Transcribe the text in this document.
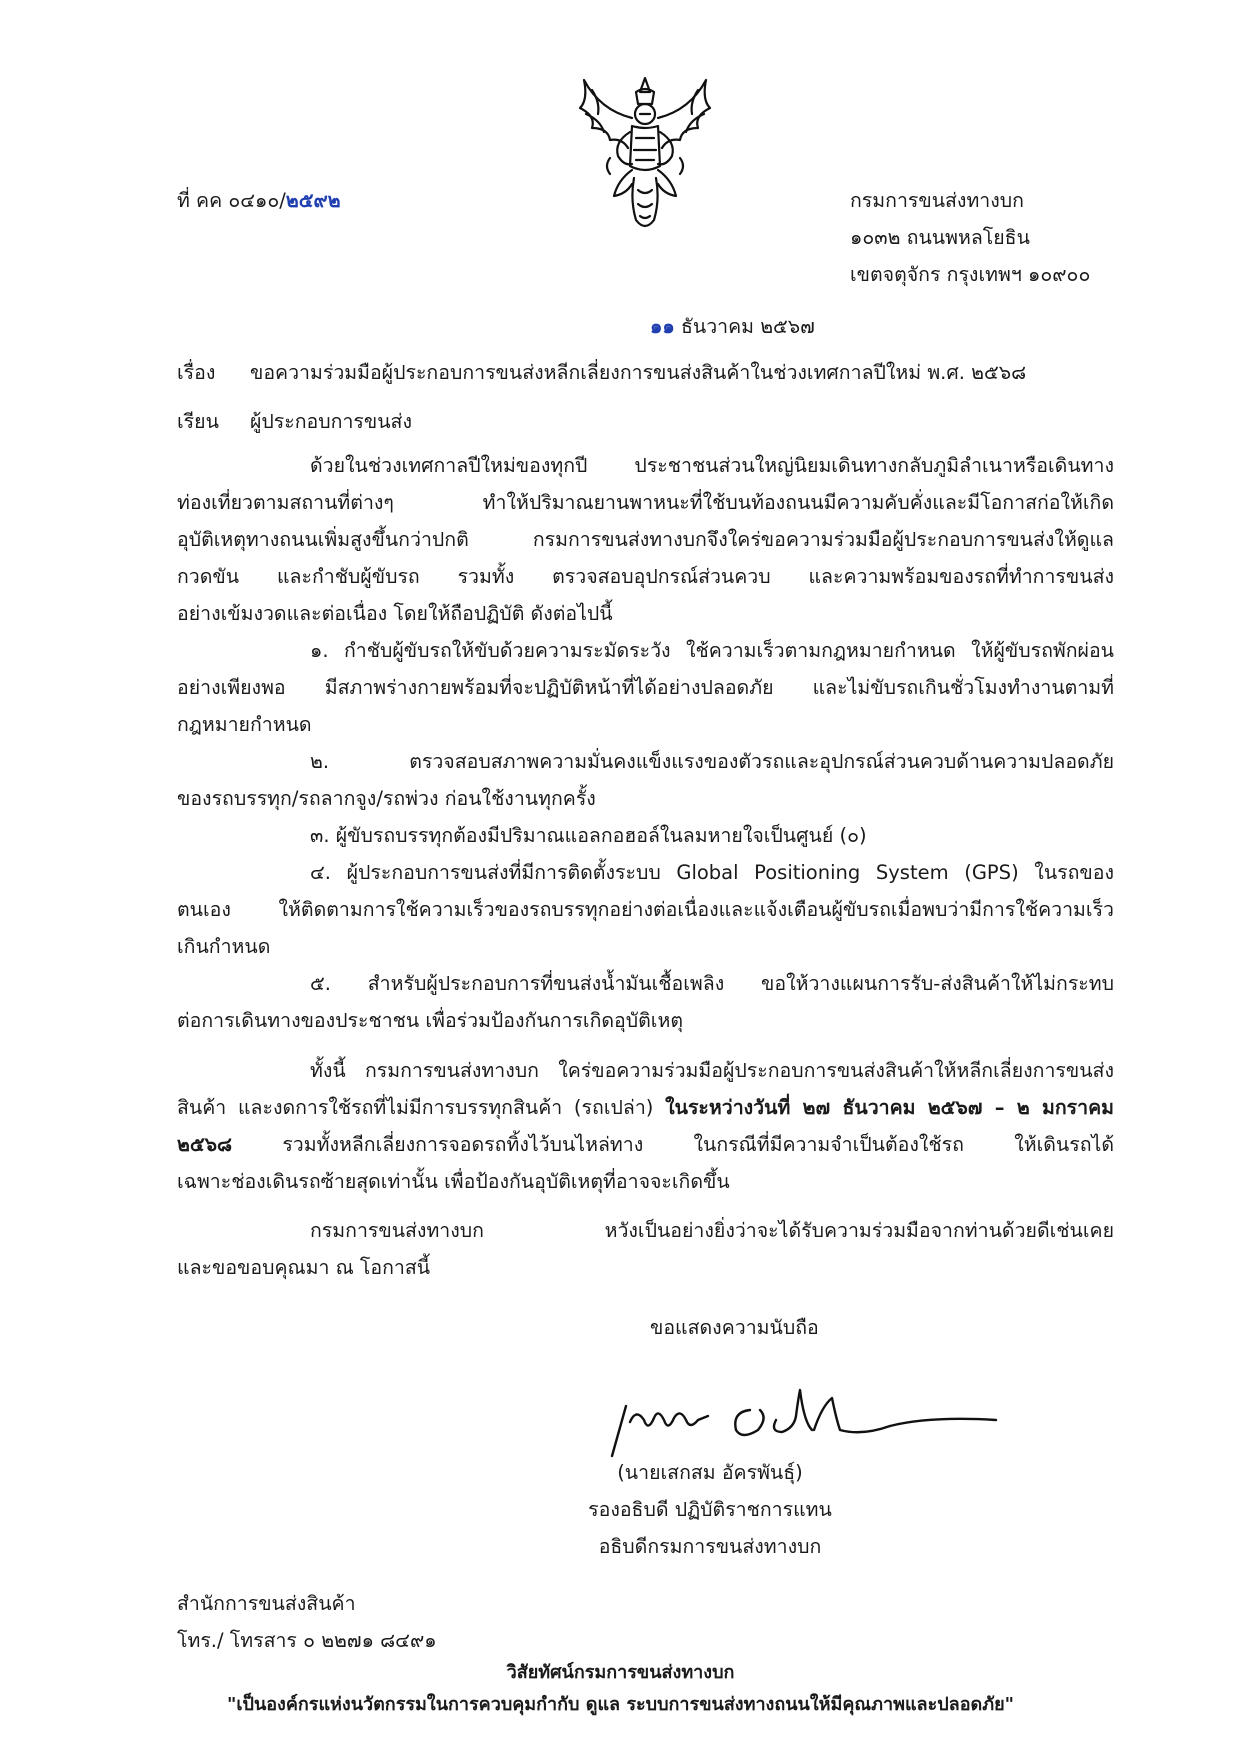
ที่ คค ๐๔๑๐/๒๕๙๒	กรมการขนส่งทางบก
๑๐๓๒ ถนนพหลโยธิน
เขตจตุจักร กรุงเทพฯ ๑๐๙๐๐
๑๑ ธันวาคม ๒๕๖๗
เรื่อง ขอความร่วมมือผู้ประกอบการขนส่งหลีกเลี่ยงการขนส่งสินค้าในช่วงเทศกาลปีใหม่ พ.ศ. ๒๕๖๘
เรียน ผู้ประกอบการขนส่ง
ด้วยในช่วงเทศกาลปีใหม่ของทุกปี ประชาชนส่วนใหญ่นิยมเดินทางกลับภูมิลำเนาหรือเดินทาง
ท่องเที่ยวตามสถานที่ต่างๆ ทำให้ปริมาณยานพาหนะที่ใช้บนท้องถนนมีความคับคั่งและมีโอกาสก่อให้เกิด
อุบัติเหตุทางถนนเพิ่มสูงขึ้นกว่าปกติ กรมการขนส่งทางบกจึงใคร่ขอความร่วมมือผู้ประกอบการขนส่งให้ดูแล
กวดขัน และกำชับผู้ขับรถ รวมทั้ง ตรวจสอบอุปกรณ์ส่วนควบ และความพร้อมของรถที่ทำการขนส่ง
อย่างเข้มงวดและต่อเนื่อง โดยให้ถือปฏิบัติ ดังต่อไปนี้
๑. กำชับผู้ขับรถให้ขับด้วยความระมัดระวัง ใช้ความเร็วตามกฎหมายกำหนด ให้ผู้ขับรถพักผ่อน
อย่างเพียงพอ มีสภาพร่างกายพร้อมที่จะปฏิบัติหน้าที่ได้อย่างปลอดภัย และไม่ขับรถเกินชั่วโมงทำงานตามที่
กฎหมายกำหนด
๒. ตรวจสอบสภาพความมั่นคงแข็งแรงของตัวรถและอุปกรณ์ส่วนควบด้านความปลอดภัย
ของรถบรรทุก/รถลากจูง/รถพ่วง ก่อนใช้งานทุกครั้ง
๓. ผู้ขับรถบรรทุกต้องมีปริมาณแอลกอฮอล์ในลมหายใจเป็นศูนย์ (๐)
๔. ผู้ประกอบการขนส่งที่มีการติดตั้งระบบ Global Positioning System (GPS) ในรถของ
ตนเอง ให้ติดตามการใช้ความเร็วของรถบรรทุกอย่างต่อเนื่องและแจ้งเตือนผู้ขับรถเมื่อพบว่ามีการใช้ความเร็ว
เกินกำหนด
๕. สำหรับผู้ประกอบการที่ขนส่งน้ำมันเชื้อเพลิง ขอให้วางแผนการรับ-ส่งสินค้าให้ไม่กระทบ
ต่อการเดินทางของประชาชน เพื่อร่วมป้องกันการเกิดอุบัติเหตุ
ทั้งนี้ กรมการขนส่งทางบก ใคร่ขอความร่วมมือผู้ประกอบการขนส่งสินค้าให้หลีกเลี่ยงการขนส่ง
สินค้า และงดการใช้รถที่ไม่มีการบรรทุกสินค้า (รถเปล่า) ในระหว่างวันที่ ๒๗ ธันวาคม ๒๕๖๗ – ๒ มกราคม
๒๕๖๘ รวมทั้งหลีกเลี่ยงการจอดรถทิ้งไว้บนไหล่ทาง ในกรณีที่มีความจำเป็นต้องใช้รถ ให้เดินรถได้
เฉพาะช่องเดินรถซ้ายสุดเท่านั้น เพื่อป้องกันอุบัติเหตุที่อาจจะเกิดขึ้น
กรมการขนส่งทางบก หวังเป็นอย่างยิ่งว่าจะได้รับความร่วมมือจากท่านด้วยดีเช่นเคย
และขอขอบคุณมา ณ โอกาสนี้
ขอแสดงความนับถือ
(นายเสกสม อัครพันธุ์)
รองอธิบดี ปฏิบัติราชการแทน
อธิบดีกรมการขนส่งทางบก
สำนักการขนส่งสินค้า
โทร./ โทรสาร ๐ ๒๒๗๑ ๘๔๙๑
วิสัยทัศน์กรมการขนส่งทางบก
"เป็นองค์กรแห่งนวัตกรรมในการควบคุมกำกับ ดูแล ระบบการขนส่งทางถนนให้มีคุณภาพและปลอดภัย"
